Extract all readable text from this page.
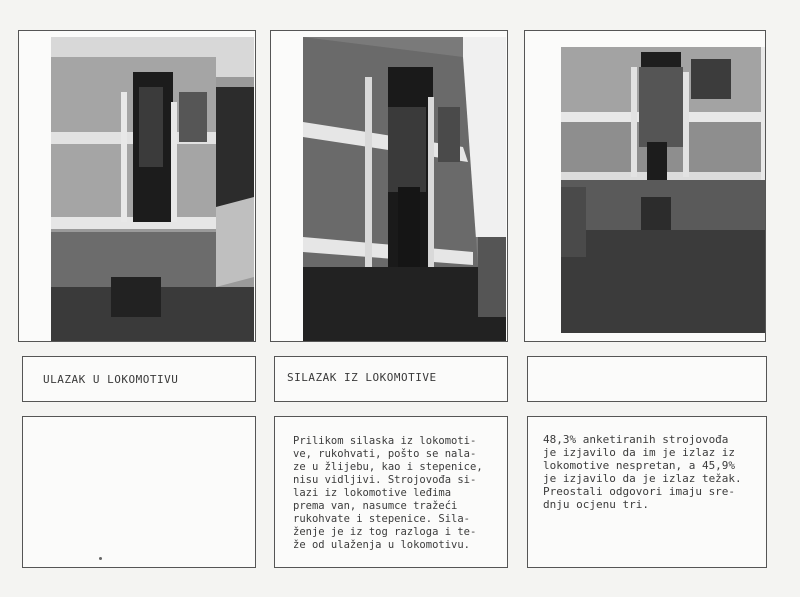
ULAZAK U LOKOMOTIVU	SILAZAK IZ LOKOMOTIVE
Prilikom silaska iz lokomoti-
ve, rukohvati, pošto se nala-
ze u žlijebu, kao i stepenice,
nisu vidljivi. Strojovođa si-
lazi iz lokomotive leđima
prema van, nasumce tražeći
rukohvate i stepenice. Sila-
ženje je iz tog razloga i te-
že od ulaženja u lokomotivu.
48,3% anketiranih strojovođa
je izjavilo da im je izlaz iz
lokomotive nespretan, a 45,9%
je izjavilo da je izlaz težak.
Preostali odgovori imaju sre-
dnju ocjenu tri.
